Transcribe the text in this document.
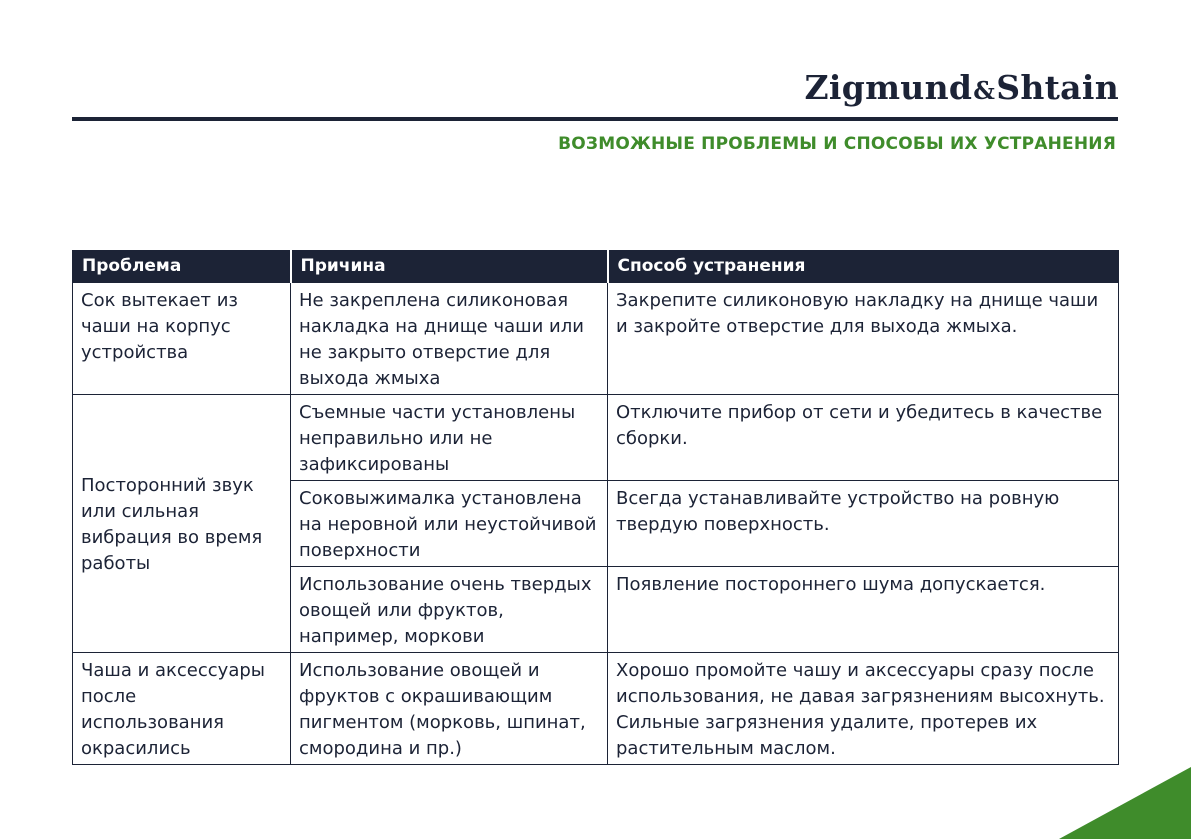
Zigmund&Shtain
ВОЗМОЖНЫЕ ПРОБЛЕМЫ И СПОСОБЫ ИХ УСТРАНЕНИЯ
Проблема	Причина	Способ устранения
Сок вытекает из чаши на корпус устройства	Не закреплена силиконовая накладка на днище чаши или не закрыто отверстие для выхода жмыха	Закрепите силиконовую накладку на днище чаши и закройте отверстие для выхода жмыха.
Посторонний звук или сильная вибрация во время работы	Съемные части установлены неправильно или не зафиксированы	Отключите прибор от сети и убедитесь в качестве сборки.
	Соковыжималка установлена на неровной или неустойчивой поверхности	Всегда устанавливайте устройство на ровную твердую поверхность.
	Использование очень твердых овощей или фруктов, например, моркови	Появление постороннего шума допускается.
Чаша и аксессуары после использования окрасились	Использование овощей и фруктов с окрашивающим пигментом (морковь, шпинат, смородина и пр.)	Хорошо промойте чашу и аксессуары сразу после использования, не давая загрязнениям высохнуть. Сильные загрязнения удалите, протерев их растительным маслом.
